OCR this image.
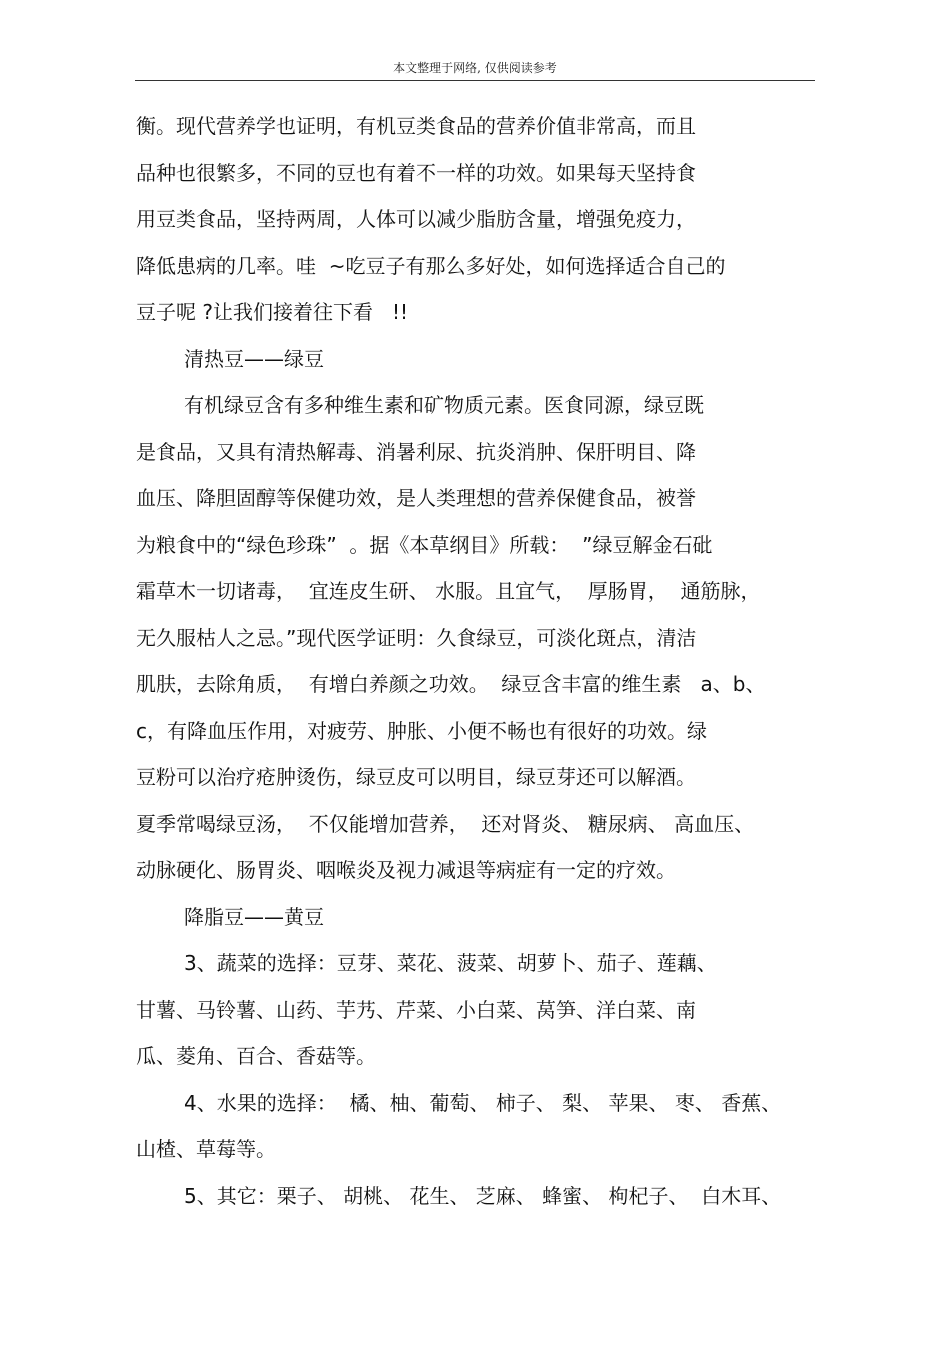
本文整理于网络, 仅供阅读参考

衡。现代营养学也证明，有机豆类食品的营养价值非常高，而且

品种也很繁多，不同的豆也有着不一样的功效。如果每天坚持食

用豆类食品，坚持两周，人体可以减少脂肪含量，增强免疫力，

降低患病的几率。哇  ~吃豆子有那么多好处，如何选择适合自己的

豆子呢 ?让我们接着往下看   !!

清热豆——绿豆

有机绿豆含有多种维生素和矿物质元素。医食同源，绿豆既

是食品，又具有清热解毒、消暑利尿、抗炎消肿、保肝明目、降

血压、降胆固醇等保健功效，是人类理想的营养保健食品，被誉

为粮食中的“绿色珍珠”  。据《本草纲目》所载：  ”绿豆解金石砒

霜草木一切诸毒，  宜连皮生研、 水服。且宜气，  厚肠胃，  通筋脉，

无久服枯人之忌。”现代医学证明：久食绿豆，可淡化斑点，清洁

肌肤，去除角质，  有增白养颜之功效。  绿豆含丰富的维生素   a、b、

c，有降血压作用，对疲劳、肿胀、小便不畅也有很好的功效。绿

豆粉可以治疗疮肿烫伤，绿豆皮可以明目，绿豆芽还可以解酒。

夏季常喝绿豆汤，  不仅能增加营养，  还对肾炎、 糖尿病、 高血压、

动脉硬化、肠胃炎、咽喉炎及视力减退等病症有一定的疗效。

降脂豆——黄豆

3、蔬菜的选择：豆芽、菜花、菠菜、胡萝卜、茄子、莲藕、

甘薯、马铃薯、山药、芋艿、芹菜、小白菜、莴笋、洋白菜、南

瓜、菱角、百合、香菇等。

4、水果的选择：  橘、柚、葡萄、 柿子、 梨、 苹果、 枣、 香蕉、

山楂、草莓等。

5、其它：栗子、 胡桃、 花生、 芝麻、 蜂蜜、 枸杞子、  白木耳、
